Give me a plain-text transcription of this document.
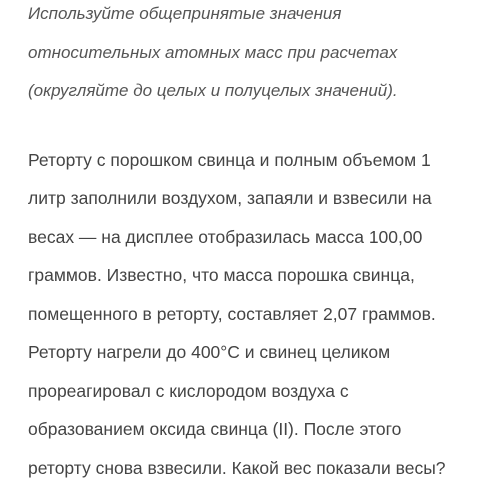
Используйте общепринятые значения
относительных атомных масс при расчетах
(округляйте до целых и полуцелых значений).
Реторту с порошком свинца и полным объемом 1
литр заполнили воздухом, запаяли и взвесили на
весах — на дисплее отобразилась масса 100,00
граммов. Известно, что масса порошка свинца,
помещенного в реторту, составляет 2,07 граммов.
Реторту нагрели до 400°С и свинец целиком
прореагировал с кислородом воздуха с
образованием оксида свинца (II). После этого
реторту снова взвесили. Какой вес показали весы?
